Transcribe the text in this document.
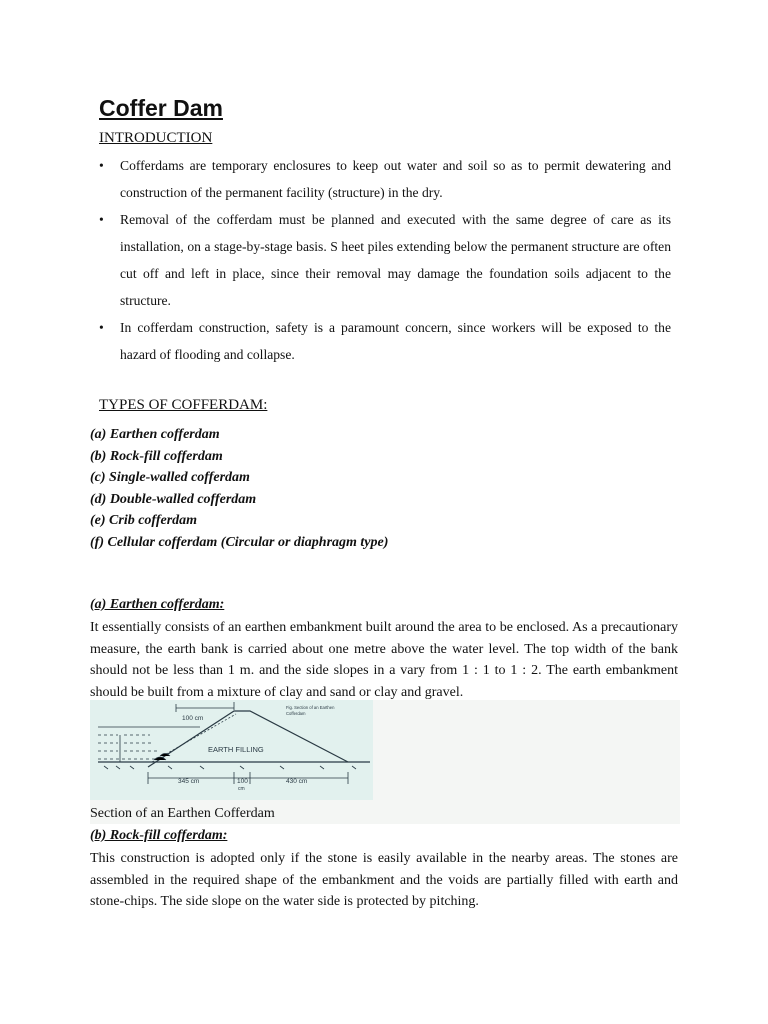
Coffer Dam
INTRODUCTION
• Cofferdams are temporary enclosures to keep out water and soil so as to permit dewatering and construction of the permanent facility (structure) in the dry.
• Removal of the cofferdam must be planned and executed with the same degree of care as its installation, on a stage-by-stage basis. S heet piles extending below the permanent structure are often cut off and left in place, since their removal may damage the foundation soils adjacent to the structure.
• In cofferdam construction, safety is a paramount concern, since workers will be exposed to the hazard of flooding and collapse.
TYPES OF COFFERDAM:
(a) Earthen cofferdam
(b) Rock-fill cofferdam
(c) Single-walled cofferdam
(d) Double-walled cofferdam
(e) Crib cofferdam
(f) Cellular cofferdam (Circular or diaphragm type)
(a) Earthen cofferdam:

It essentially consists of an earthen embankment built around the area to be enclosed. As a precautionary measure, the earth bank is carried about one metre above the water level. The top width of the bank should not be less than 1 m. and the side slopes in a vary from 1 : 1 to 1 : 2. The earth embankment should be built from a mixture of clay and sand or clay and gravel.

100 cm
Fig. Section of an Earthen
Cofferdam
EARTH FILLING
345 cm	100
cm
430 cm
Section of an Earthen Cofferdam
(b) Rock-fill cofferdam:

This construction is adopted only if the stone is easily available in the nearby areas. The stones are assembled in the required shape of the embankment and the voids are partially filled with earth and stone-chips. The side slope on the water side is protected by pitching.
